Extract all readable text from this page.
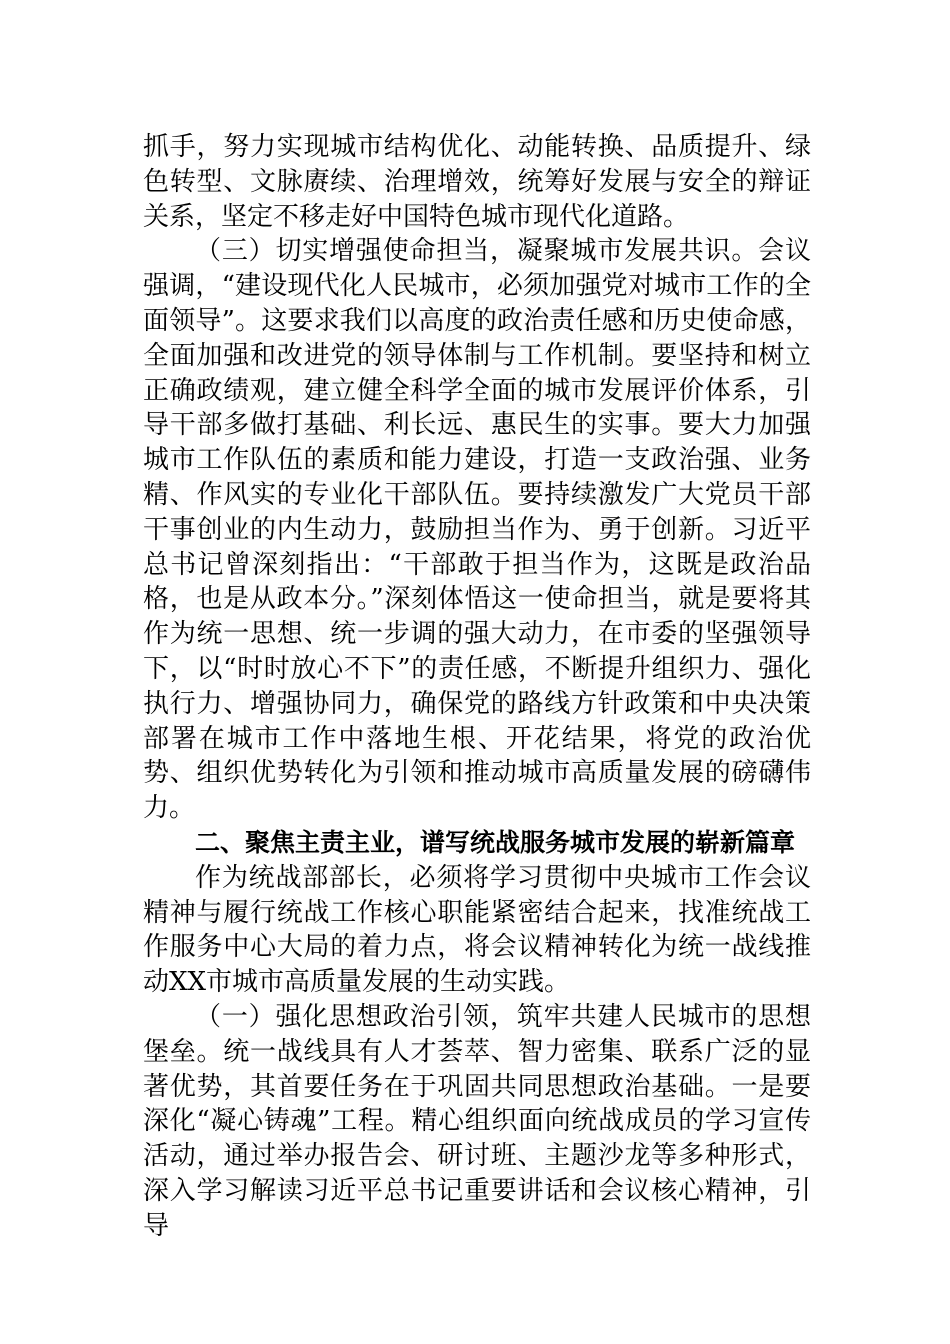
抓手，努力实现城市结构优化、动能转换、品质提升、绿色转型、文脉赓续、治理增效，统筹好发展与安全的辩证关系，坚定不移走好中国特色城市现代化道路。

（三）切实增强使命担当，凝聚城市发展共识。会议强调，“建设现代化人民城市，必须加强党对城市工作的全面领导”。这要求我们以高度的政治责任感和历史使命感，全面加强和改进党的领导体制与工作机制。要坚持和树立正确政绩观，建立健全科学全面的城市发展评价体系，引导干部多做打基础、利长远、惠民生的实事。要大力加强城市工作队伍的素质和能力建设，打造一支政治强、业务精、作风实的专业化干部队伍。要持续激发广大党员干部干事创业的内生动力，鼓励担当作为、勇于创新。习近平总书记曾深刻指出：“干部敢于担当作为，这既是政治品格，也是从政本分。”深刻体悟这一使命担当，就是要将其作为统一思想、统一步调的强大动力，在市委的坚强领导下，以“时时放心不下”的责任感，不断提升组织力、强化执行力、增强协同力，确保党的路线方针政策和中央决策部署在城市工作中落地生根、开花结果，将党的政治优势、组织优势转化为引领和推动城市高质量发展的磅礴伟力。

二、聚焦主责主业，谱写统战服务城市发展的崭新篇章

作为统战部部长，必须将学习贯彻中央城市工作会议精神与履行统战工作核心职能紧密结合起来，找准统战工作服务中心大局的着力点，将会议精神转化为统一战线推动XX市城市高质量发展的生动实践。

（一）强化思想政治引领，筑牢共建人民城市的思想堡垒。统一战线具有人才荟萃、智力密集、联系广泛的显著优势，其首要任务在于巩固共同思想政治基础。一是要深化“凝心铸魂”工程。精心组织面向统战成员的学习宣传活动，通过举办报告会、研讨班、主题沙龙等多种形式，深入学习解读习近平总书记重要讲话和会议核心精神，引导
